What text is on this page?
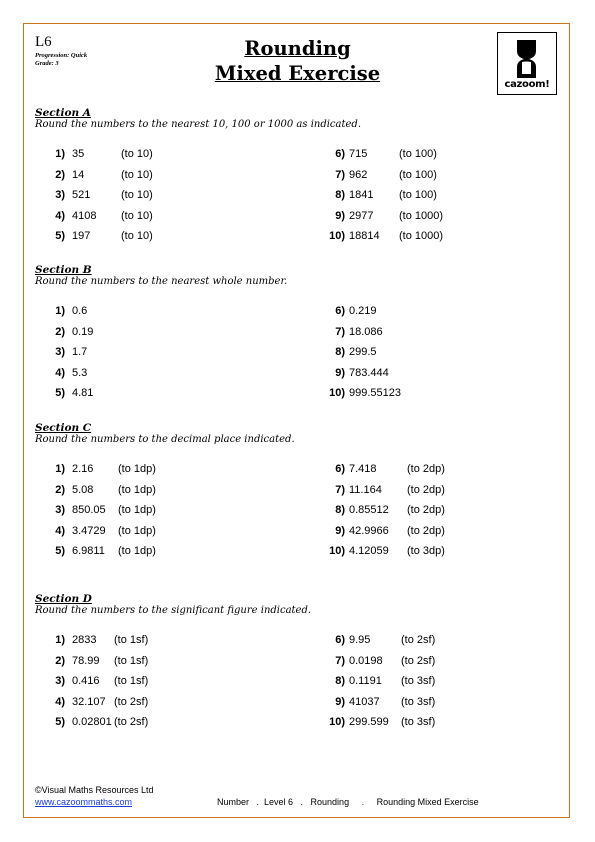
L6
Progression: Quick
Grade: 3
Rounding
Mixed Exercise	cazoom!
Section A
Round the numbers to the nearest 10, 100 or 1000 as indicated.
1) 35	(to 10)
2) 14	(to 10)
3) 521	(to 10)
4) 4108 (to 10)
5) 197	(to 10)
6) 715	(to 100)
7) 962	(to 100)
8) 1841 (to 100)
9) 2977 (to 1000)
10) 18814 (to 1000)
Section B
Round the numbers to the nearest whole number.
1) 0.6
2) 0.19
3) 1.7
4) 5.3
5) 4.81
6) 0.219
7) 18.086
8) 299.5
9) 783.444
10) 999.55123
Section C
Round the numbers to the decimal place indicated.
1) 2.16 (to 1dp)
2) 5.08 (to 1dp)
3) 850.05 (to 1dp)
4) 3.4729 (to 1dp)
5) 6.9811 (to 1dp)
6) 7.418	(to 2dp)
7) 11.164 (to 2dp)
8) 0.85512 (to 2dp)
9) 42.9966 (to 2dp)
10) 4.12059 (to 3dp)
Section D
Round the numbers to the significant figure indicated.
1) 2833 (to 1sf)
2) 78.99 (to 1sf)
3) 0.416 (to 1sf)
4) 32.107 (to 2sf)
5) 0.02801 (to 2sf)
6) 9.95	(to 2sf)
7) 0.0198 (to 2sf)
8) 0.1191 (to 3sf)
9) 41037 (to 3sf)
10) 299.599 (to 3sf)
©Visual Maths Resources Ltd
www.cazoommaths.com	Number   .  Level 6   .   Rounding     .     Rounding Mixed Exercise
